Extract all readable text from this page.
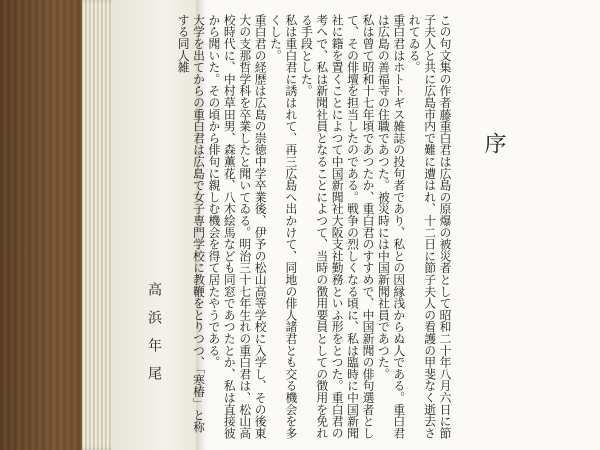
高浜年尾	この句文集の作者藤重白君は広島の原爆の被災者として昭和二十年八月六日に節子夫人と共に広島市内で難に遭はれ、十二日に節子夫人の看護の甲斐なく逝去されてゐる。
重白君はホトトギス雑誌の投句者であり、私との因縁浅からぬ人である。重白君は広島の善福寺の住職であつた。被災時には中国新聞社員であつた。
私は曾て昭和十七年頃であつたか、重白君のすすめで、中国新聞の俳句選者として、その俳壇を担当したのである。戦争の烈しくなる頃に、私は臨時に中国新聞社に籍を置くことによつて中国新聞社大阪支社勤務といふ形をとつた。重白君の考へで、私は新聞社員となることによつて、当時の徴用要員としての徴用を免れる手段とした。
私は重白君に誘はれて、再三広島へ出かけて、同地の俳人諸君とも交る機会を多くした。
重白君の経歴は広島の崇徳中学卒業後、伊予の松山高等学校に入学し、その後東大の支那哲学科を卒業したと聞いてゐる。明治三十七年生れの重白君は、松山高校時代に、中村草田男、森薫花、八木絵馬なども同窓であつたとか、私は直接彼から聞いた。その頃から俳句に親しむ機会を得て居たやうである。
大学を出てからの重白君は広島で女子専門学校に教鞭をとりつつ、「寒椿」と称する同人雑
序
